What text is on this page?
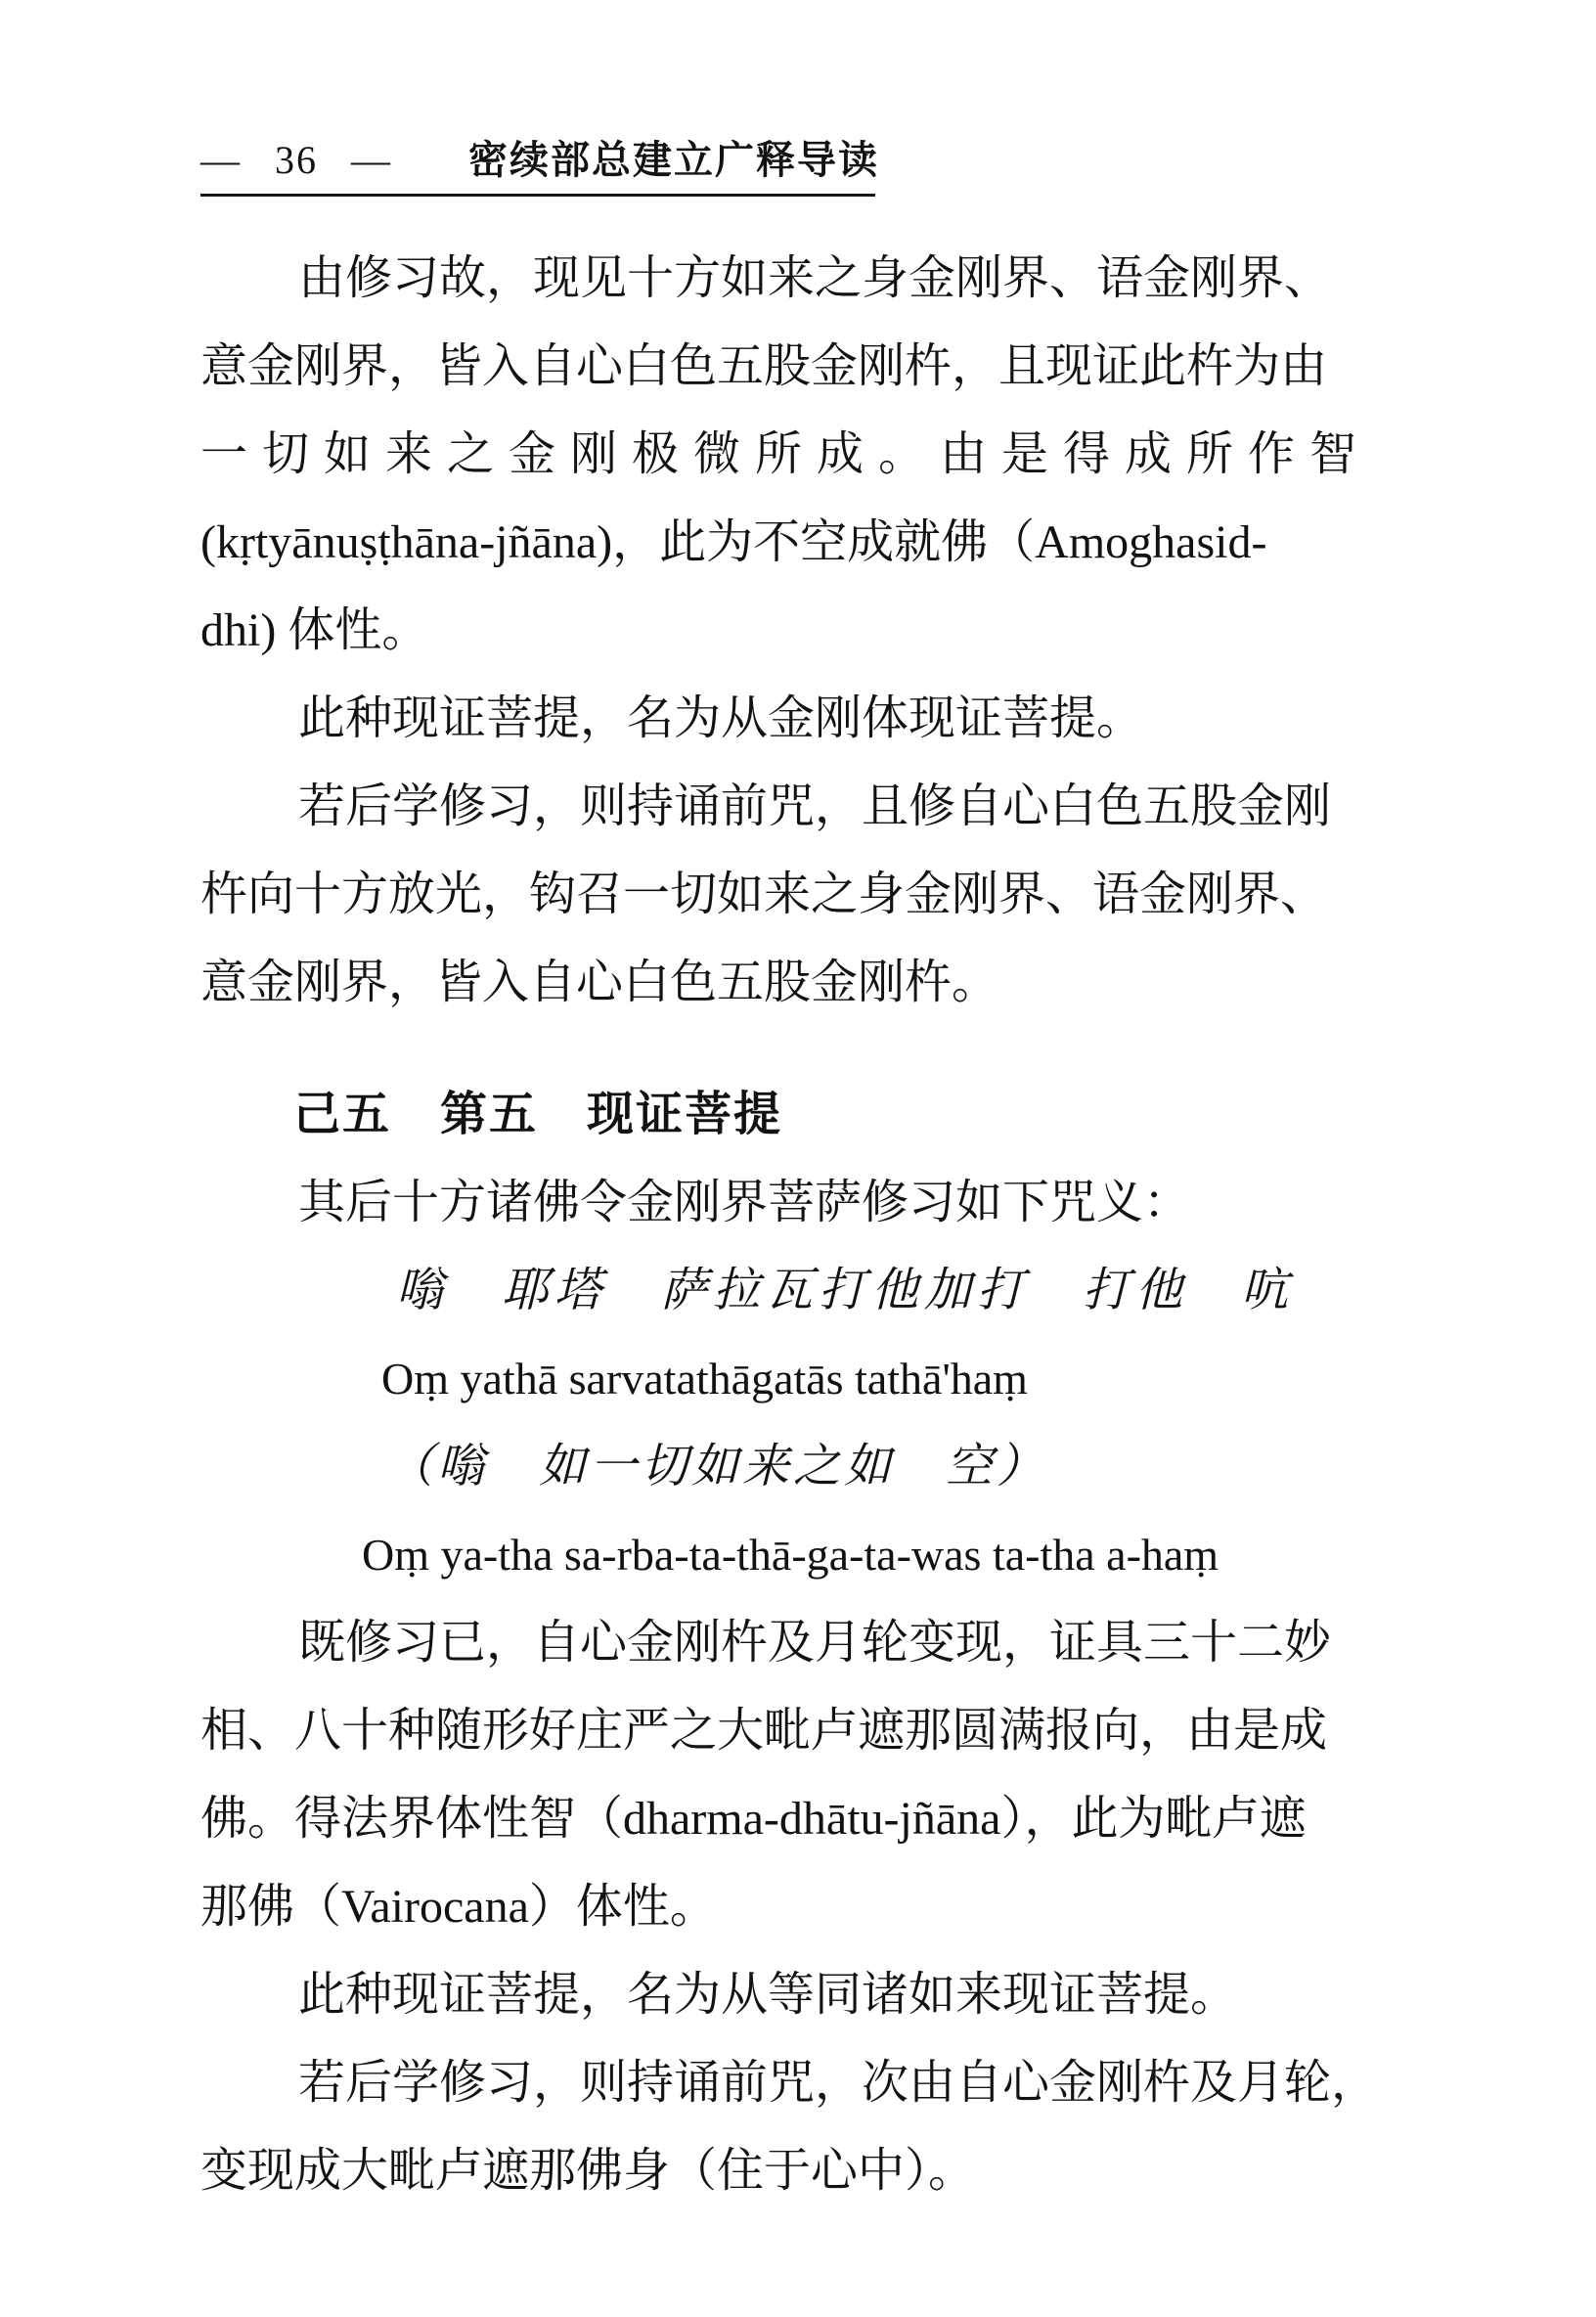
— 36 — 密续部总建立广释导读

由修习故，现见十方如来之身金刚界、语金刚界、

意金刚界，皆入自心白色五股金刚杵，且现证此杵为由

一切如来之金刚极微所成。由是得成所作智

(kṛtyānuṣṭhāna-jñāna)，此为不空成就佛（Amoghasid-

dhi) 体性。

此种现证菩提，名为从金刚体现证菩提。

若后学修习，则持诵前咒，且修自心白色五股金刚

杵向十方放光，钩召一切如来之身金刚界、语金刚界、

意金刚界，皆入自心白色五股金刚杵。

己五　第五　现证菩提

其后十方诸佛令金刚界菩萨修习如下咒义：

嗡　耶塔　萨拉瓦打他加打　打他　吭

Oṃ yathā sarvatathāgatās tathā'haṃ

（嗡　如一切如来之如　空）

Oṃ ya-tha sa-rba-ta-thā-ga-ta-was ta-tha a-haṃ

既修习已，自心金刚杵及月轮变现，证具三十二妙

相、八十种随形好庄严之大毗卢遮那圆满报向，由是成

佛。得法界体性智（dharma-dhātu-jñāna），此为毗卢遮

那佛（Vairocana）体性。

此种现证菩提，名为从等同诸如来现证菩提。

若后学修习，则持诵前咒，次由自心金刚杵及月轮，

变现成大毗卢遮那佛身（住于心中）。
